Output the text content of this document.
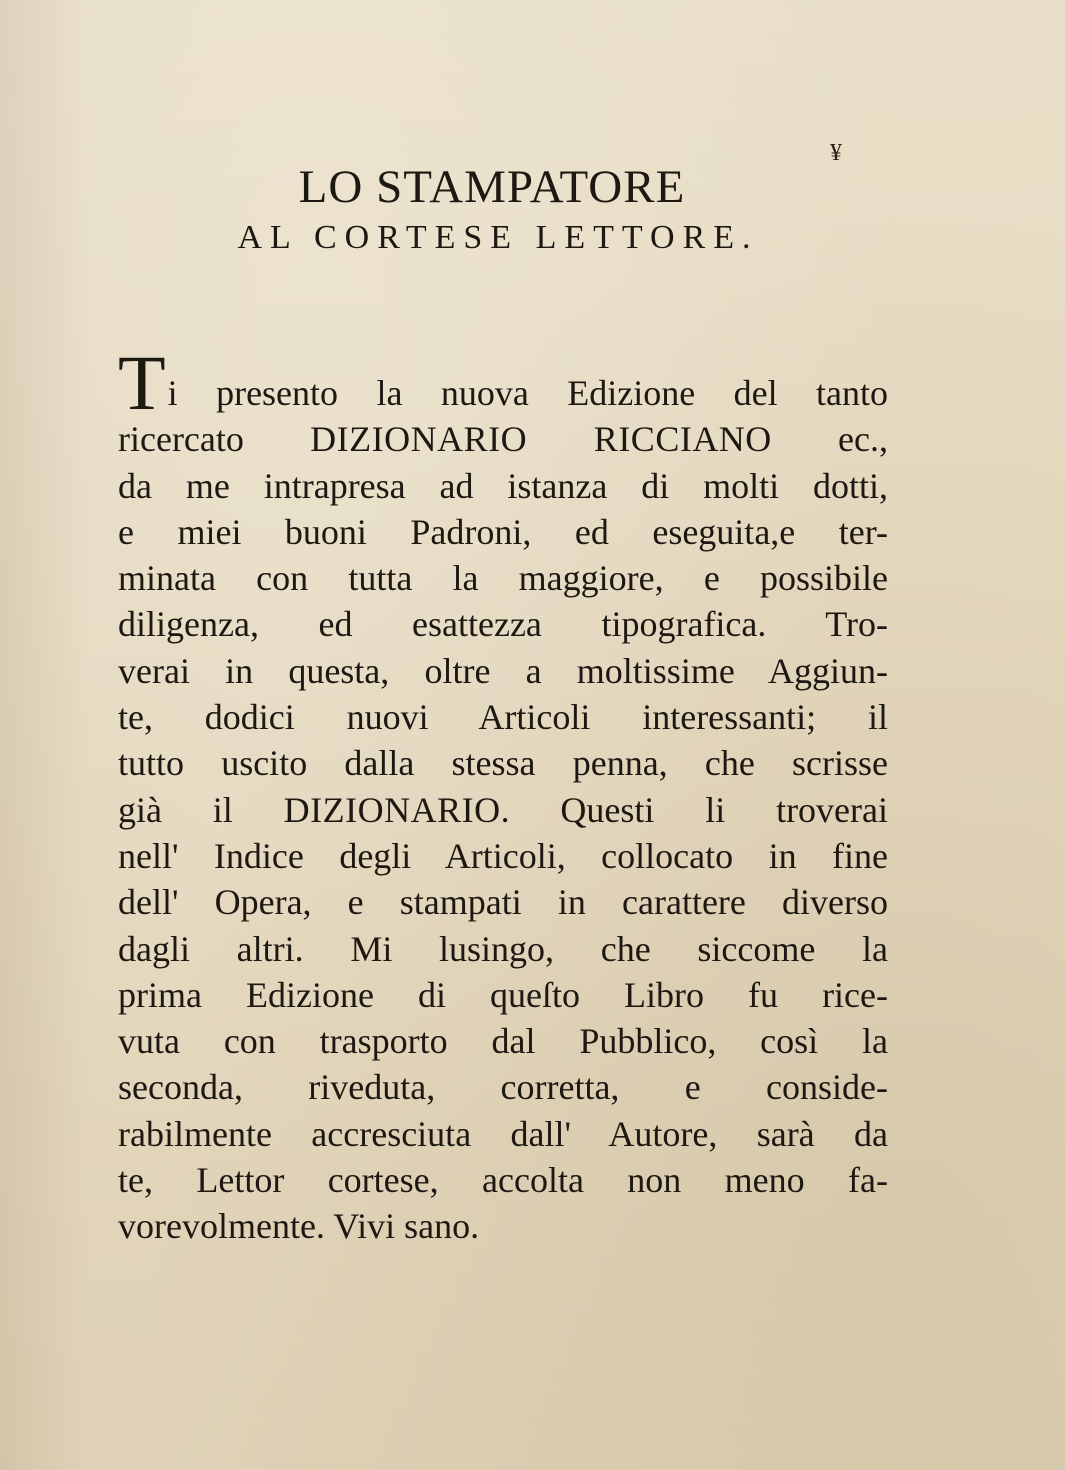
LO STAMPATORE
AL CORTESE LETTORE.
¥
Ti presento la nuova Edizione del tanto
ricercato DIZIONARIO RICCIANO ec.,
da me intrapresa ad istanza di molti dotti,
e miei buoni Padroni, ed eseguita,e ter-
minata con tutta la maggiore, e possibile
diligenza, ed esattezza tipografica. Tro-
verai in questa, oltre a moltissime Aggiun-
te, dodici nuovi Articoli interessanti; il
tutto uscito dalla stessa penna, che scrisse
già il DIZIONARIO. Questi li troverai
nell' Indice degli Articoli, collocato in fine
dell' Opera, e stampati in carattere diverso
dagli altri. Mi lusingo, che siccome la
prima Edizione di queſto Libro fu rice-
vuta con trasporto dal Pubblico, così la
seconda, riveduta, corretta, e conside-
rabilmente accresciuta dall' Autore, sarà da
te, Lettor cortese, accolta non meno fa-
vorevolmente. Vivi sano.
